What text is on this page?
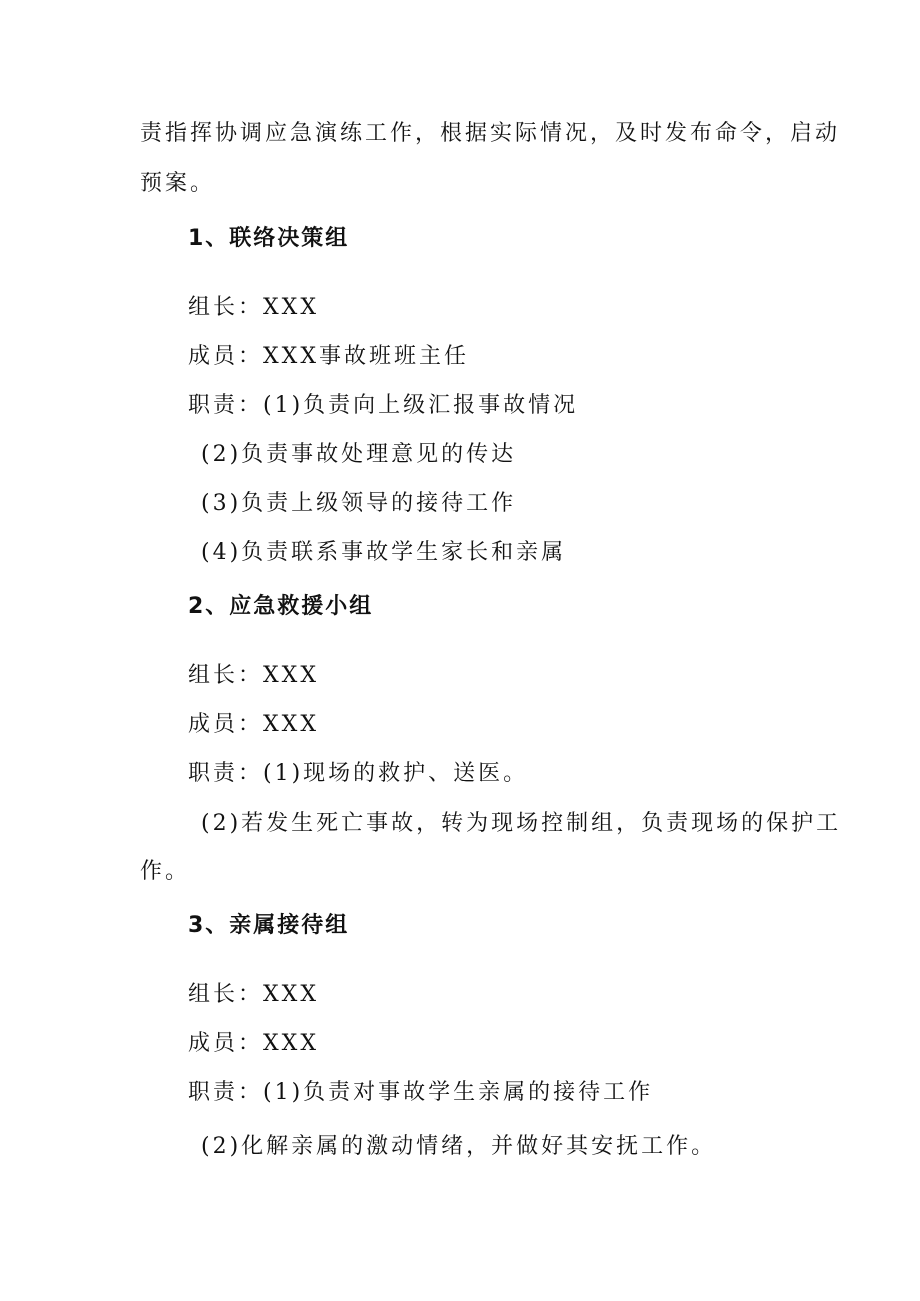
责指挥协调应急演练工作，根据实际情况，及时发布命令，启动
预案。
1、联络决策组
组长：XXX
成员：XXX事故班班主任
职责：(1)负责向上级汇报事故情况
(2)负责事故处理意见的传达
(3)负责上级领导的接待工作
(4)负责联系事故学生家长和亲属
2、应急救援小组
组长：XXX
成员：XXX
职责：(1)现场的救护、送医。
(2)若发生死亡事故，转为现场控制组，负责现场的保护工
作。
3、亲属接待组
组长：XXX
成员：XXX
职责：(1)负责对事故学生亲属的接待工作
(2)化解亲属的激动情绪，并做好其安抚工作。
